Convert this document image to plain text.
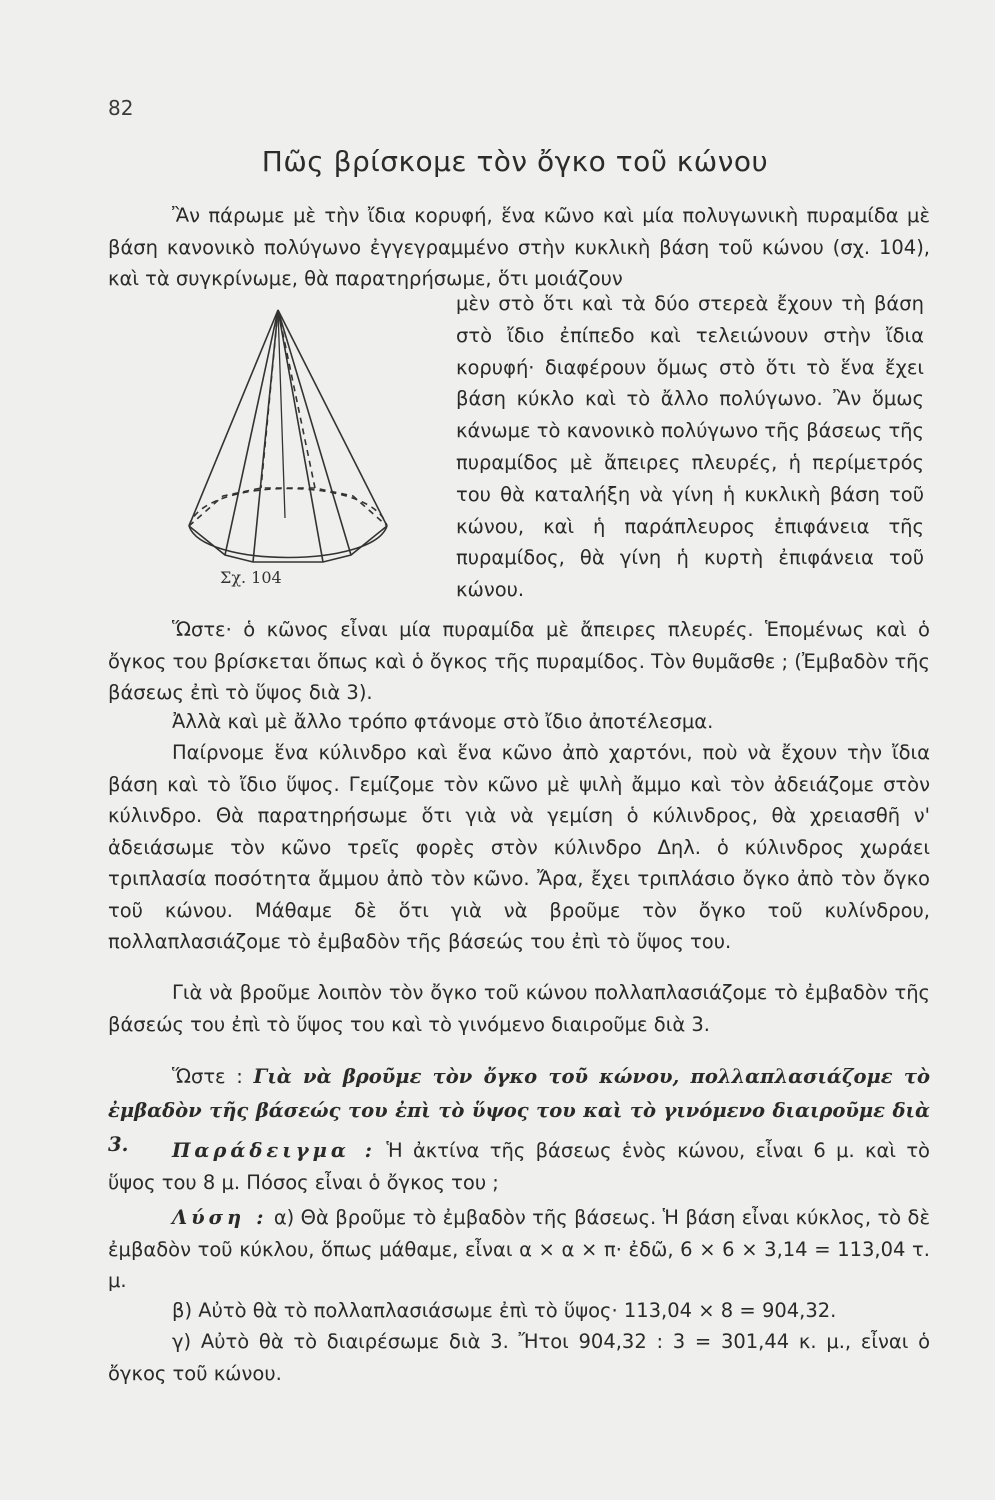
82
Πῶς βρίσκομε τὸν ὄγκο τοῦ κώνου

Ἂν πάρωμε μὲ τὴν ἴδια κορυφή, ἕνα κῶνο καὶ μία πολυγωνικὴ πυραμίδα μὲ βάση κανονικὸ πολύγωνο ἐγγεγραμμένο στὴν κυκλικὴ βάση τοῦ κώνου (σχ. 104), καὶ τὰ συγκρίνωμε, θὰ παρατηρήσωμε, ὅτι μοιάζουν

Σχ. 104

μὲν στὸ ὅτι καὶ τὰ δύο στερεὰ ἔχουν τὴ βάση στὸ ἴδιο ἐπίπεδο καὶ τελειώνουν στὴν ἴδια κορυφή· διαφέρουν ὅμως στὸ ὅτι τὸ ἕνα ἔχει βάση κύκλο καὶ τὸ ἄλλο πολύγωνο. Ἂν ὅμως κάνωμε τὸ κανονικὸ πολύγωνο τῆς βάσεως τῆς πυραμίδος μὲ ἄπειρες πλευρές, ἡ περίμετρός του θὰ καταλήξη νὰ γίνη ἡ κυκλικὴ βάση τοῦ κώνου, καὶ ἡ παράπλευρος ἐπιφάνεια τῆς πυραμίδος, θὰ γίνη ἡ κυρτὴ ἐπιφάνεια τοῦ κώνου.

Ὥστε· ὁ κῶνος εἶναι μία πυραμίδα μὲ ἄπειρες πλευρές. Ἑπομένως καὶ ὁ ὄγκος του βρίσκεται ὅπως καὶ ὁ ὄγκος τῆς πυραμίδος. Τὸν θυμᾶσθε ; (Ἐμβαδὸν τῆς βάσεως ἐπὶ τὸ ὕψος διὰ 3).

Ἀλλὰ καὶ μὲ ἄλλο τρόπο φτάνομε στὸ ἴδιο ἀποτέλεσμα.

Παίρνομε ἕνα κύλινδρο καὶ ἕνα κῶνο ἀπὸ χαρτόνι, ποὺ νὰ ἔχουν τὴν ἴδια βάση καὶ τὸ ἴδιο ὕψος. Γεμίζομε τὸν κῶνο μὲ ψιλὴ ἄμμο καὶ τὸν ἀδειάζομε στὸν κύλινδρο. Θὰ παρατηρήσωμε ὅτι γιὰ νὰ γεμίση ὁ κύλινδρος, θὰ χρειασθῆ ν' ἀδειάσωμε τὸν κῶνο τρεῖς φορὲς στὸν κύλινδρο Δηλ. ὁ κύλινδρος χωράει τριπλασία ποσότητα ἄμμου ἀπὸ τὸν κῶνο. Ἄρα, ἔχει τριπλάσιο ὄγκο ἀπὸ τὸν ὄγκο τοῦ κώνου. Μάθαμε δὲ ὅτι γιὰ νὰ βροῦμε τὸν ὄγκο τοῦ κυλίνδρου, πολλαπλασιάζομε τὸ ἐμβαδὸν τῆς βάσεώς του ἐπὶ τὸ ὕψος του.

Γιὰ νὰ βροῦμε λοιπὸν τὸν ὄγκο τοῦ κώνου πολλαπλασιάζομε τὸ ἐμβαδὸν τῆς βάσεώς του ἐπὶ τὸ ὕψος του καὶ τὸ γινόμενο διαιροῦμε διὰ 3.

Ὥστε : Γιὰ νὰ βροῦμε τὸν ὄγκο τοῦ κώνου, πολλαπλασιάζομε τὸ ἐμβαδὸν τῆς βάσεώς του ἐπὶ τὸ ὕψος του καὶ τὸ γινόμενο διαιροῦμε διὰ 3.	Παράδειγμα : Ἡ ἀκτίνα τῆς βάσεως ἑνὸς κώνου, εἶναι 6 μ. καὶ τὸ ὕψος του 8 μ. Πόσος εἶναι ὁ ὄγκος του ;

Λύση : α) Θὰ βροῦμε τὸ ἐμβαδὸν τῆς βάσεως. Ἡ βάση εἶναι κύκλος, τὸ δὲ ἐμβαδὸν τοῦ κύκλου, ὅπως μάθαμε, εἶναι α × α × π· ἐδῶ, 6 × 6 × 3,14 = 113,04 τ. μ.

β) Αὐτὸ θὰ τὸ πολλαπλασιάσωμε ἐπὶ τὸ ὕψος· 113,04 × 8 = 904,32.

γ) Αὐτὸ θὰ τὸ διαιρέσωμε διὰ 3. Ἤτοι 904,32 : 3 = 301,44 κ. μ., εἶναι ὁ ὄγκος τοῦ κώνου.
